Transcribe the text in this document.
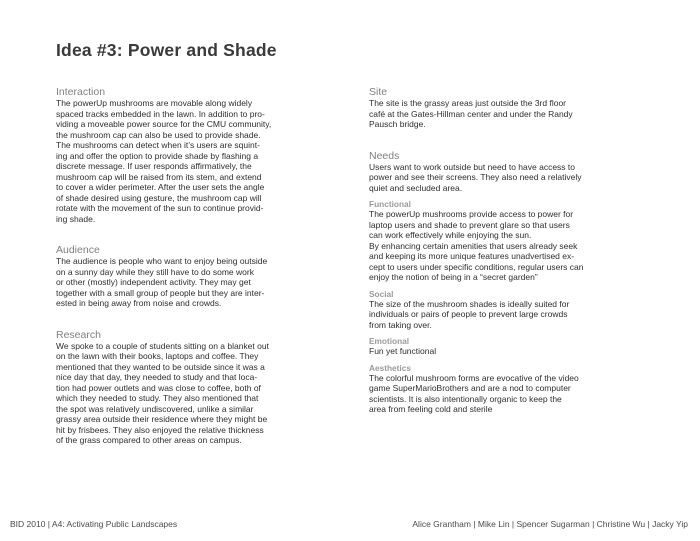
Idea #3: Power and Shade

Interaction

The powerUp mushrooms are movable along widely
spaced tracks embedded in the lawn. In addition to pro-
viding a moveable power source for the CMU community,
the mushroom cap can also be used to provide shade.
The mushrooms can detect when it’s users are squint-
ing and offer the option to provide shade by flashing a
discrete message. If user responds affirmatively, the
mushroom cap will be raised from its stem, and extend
to cover a wider perimeter. After the user sets the angle
of shade desired using gesture, the mushroom cap will
rotate with the movement of the sun to continue provid-
ing shade.

Audience

The audience is people who want to enjoy being outside
on a sunny day while they still have to do some work
or other (mostly) independent activity. They may get
together with a small group of people but they are inter-
ested in being away from noise and crowds.

Research

We spoke to a couple of students sitting on a blanket out
on the lawn with their books, laptops and coffee. They
mentioned that they wanted to be outside since it was a
nice day that day, they needed to study and that loca-
tion had power outlets and was close to coffee, both of
which they needed to study. They also mentioned that
the spot was relatively undiscovered, unlike a similar
grassy area outside their residence where they might be
hit by frisbees. They also enjoyed the relative thickness
of the grass compared to other areas on campus.

Site

The site is the grassy areas just outside the 3rd floor
café at the Gates-Hillman center and under the Randy
Pausch bridge.

Needs

Users want to work outside but need to have access to
power and see their screens. They also need a relatively
quiet and secluded area.

Functional

The powerUp mushrooms provide access to power for
laptop users and shade to prevent glare so that users
can work effectively while enjoying the sun.
By enhancing certain amenities that users already seek
and keeping its more unique features unadvertised ex-
cept to users under specific conditions, regular users can
enjoy the notion of being in a “secret garden”

Social

The size of the mushroom shades is ideally suited for
individuals or pairs of people to prevent large crowds
from taking over.

Emotional

Fun yet functional

Aesthetics

The colorful mushroom forms are evocative of the video
game SuperMarioBrothers and are a nod to computer
scientists. It is also intentionally organic to keep the
area from feeling cold and sterile

BID 2010 | A4: Activating Public Landscapes	Alice Grantham | Mike Lin | Spencer Sugarman | Christine Wu | Jacky Yip
